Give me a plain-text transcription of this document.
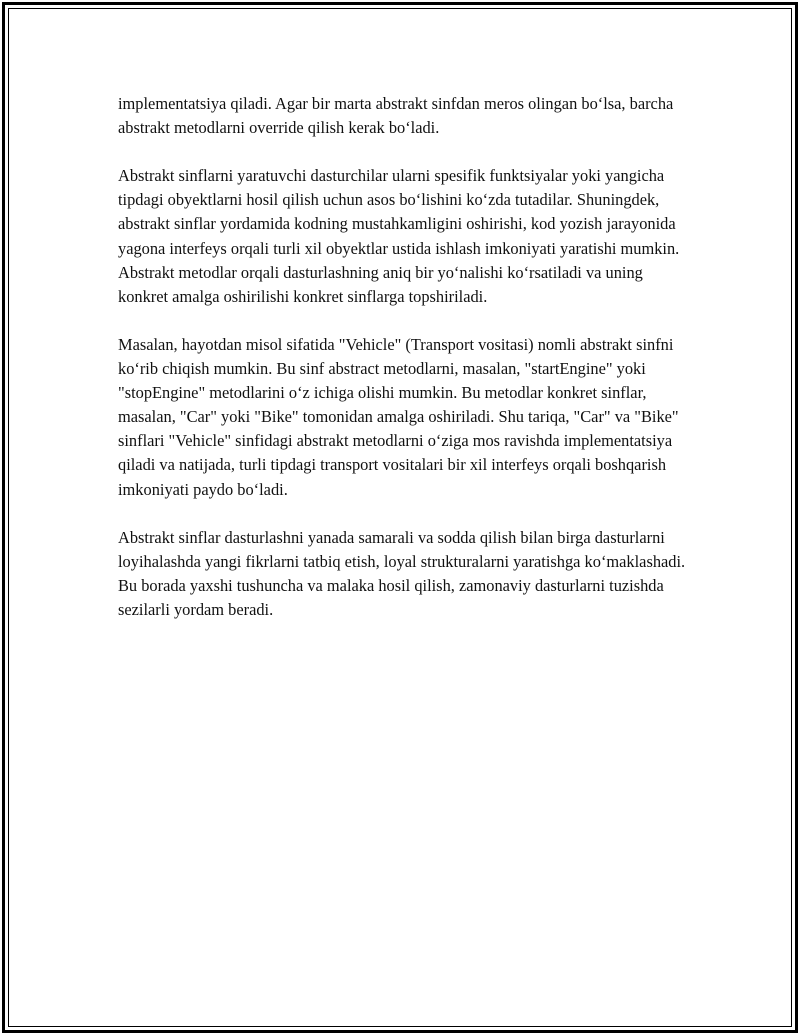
implementatsiya qiladi. Agar bir marta abstrakt sinfdan meros olingan bo‘lsa, barcha abstrakt metodlarni override qilish kerak bo‘ladi.

Abstrakt sinflarni yaratuvchi dasturchilar ularni spesifik funktsiyalar yoki yangicha tipdagi obyektlarni hosil qilish uchun asos bo‘lishini ko‘zda tutadilar. Shuningdek, abstrakt sinflar yordamida kodning mustahkamligini oshirishi, kod yozish jarayonida yagona interfeys orqali turli xil obyektlar ustida ishlash imkoniyati yaratishi mumkin. Abstrakt metodlar orqali dasturlashning aniq bir yo‘nalishi ko‘rsatiladi va uning konkret amalga oshirilishi konkret sinflarga topshiriladi.

Masalan, hayotdan misol sifatida "Vehicle" (Transport vositasi) nomli abstrakt sinfni ko‘rib chiqish mumkin. Bu sinf abstract metodlarni, masalan, "startEngine" yoki "stopEngine" metodlarini o‘z ichiga olishi mumkin. Bu metodlar konkret sinflar, masalan, "Car" yoki "Bike" tomonidan amalga oshiriladi. Shu tariqa, "Car" va "Bike" sinflari "Vehicle" sinfidagi abstrakt metodlarni o‘ziga mos ravishda implementatsiya qiladi va natijada, turli tipdagi transport vositalari bir xil interfeys orqali boshqarish imkoniyati paydo bo‘ladi.

Abstrakt sinflar dasturlashni yanada samarali va sodda qilish bilan birga dasturlarni loyihalashda yangi fikrlarni tatbiq etish, loyal strukturalarni yaratishga ko‘maklashadi. Bu borada yaxshi tushuncha va malaka hosil qilish, zamonaviy dasturlarni tuzishda sezilarli yordam beradi.
